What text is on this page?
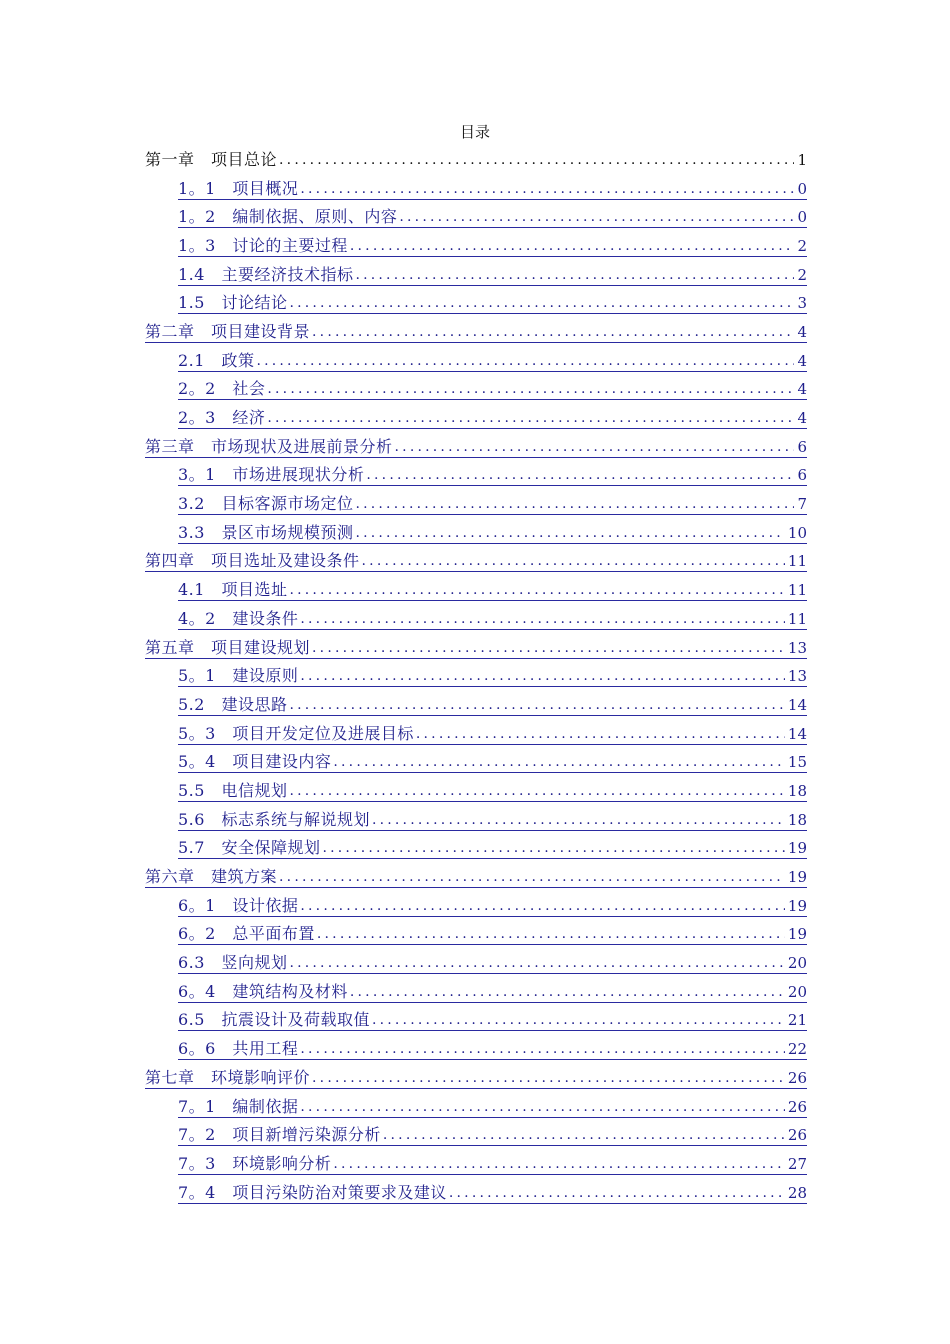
目录
第一章　项目总论 .....	1
1。1　项目概况 .....	0
1。2　编制依据、原则、内容 .....	0
1。3　讨论的主要过程 .....	2
1.4　主要经济技术指标 .....	2
1.5　讨论结论 .....	3
第二章　项目建设背景 .....	4
2.1　政策 .....	4
2。2　社会 .....	4
2。3　经济 .....	4
第三章　市场现状及进展前景分析 .....	6
3。1　市场进展现状分析 .....	6
3.2　目标客源市场定位 .....	7
3.3　景区市场规模预测 .....	10
第四章　项目选址及建设条件 .....	11
4.1　项目选址 .....	11
4。2　建设条件 .....	11
第五章　项目建设规划 .....	13
5。1　建设原则 .....	13
5.2　建设思路 .....	14
5。3　项目开发定位及进展目标 .....	14
5。4　项目建设内容 .....	15
5.5　电信规划 .....	18
5.6　标志系统与解说规划 .....	18
5.7　安全保障规划 .....	19
第六章　建筑方案 .....	19
6。1　设计依据 .....	19
6。2　总平面布置 .....	19
6.3　竖向规划 .....	20
6。4　建筑结构及材料 .....	20
6.5　抗震设计及荷载取值 .....	21
6。6　共用工程 .....	22
第七章　环境影响评价 .....	26
7。1　编制依据 .....	26
7。2　项目新增污染源分析 .....	26
7。3　环境影响分析 .....	27
7。4　项目污染防治对策要求及建议 .....	28
